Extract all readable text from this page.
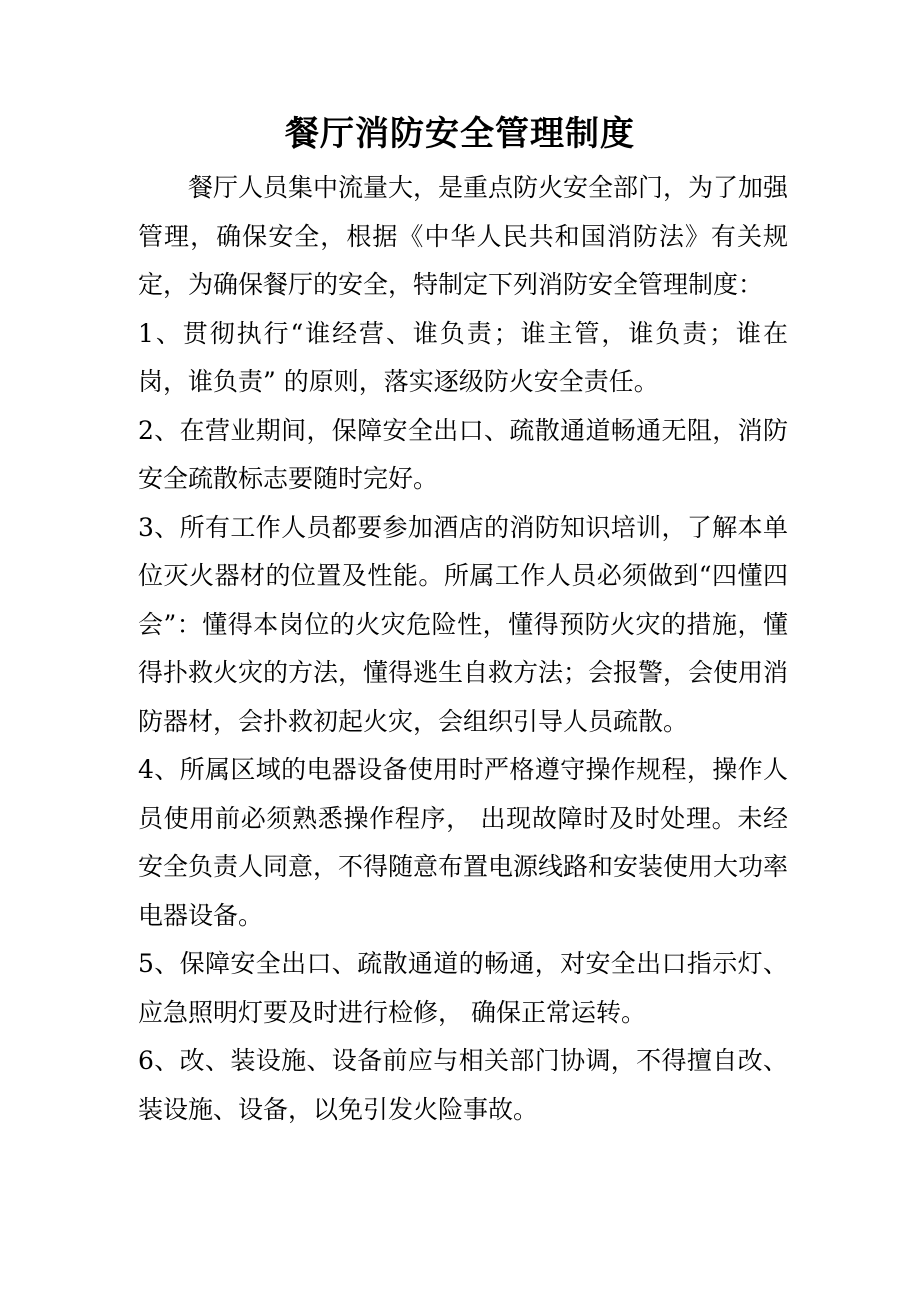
餐厅消防安全管理制度

餐厅人员集中流量大，是重点防火安全部门，为了加强管理，确保安全，根据《中华人民共和国消防法》有关规定，为确保餐厅的安全，特制定下列消防安全管理制度：

1、贯彻执行“谁经营、谁负责；谁主管，谁负责；谁在岗，谁负责” 的原则，落实逐级防火安全责任。

2、在营业期间，保障安全出口、疏散通道畅通无阻，消防安全疏散标志要随时完好。

3、所有工作人员都要参加酒店的消防知识培训，了解本单位灭火器材的位置及性能。所属工作人员必须做到“四懂四会”：懂得本岗位的火灾危险性，懂得预防火灾的措施，懂得扑救火灾的方法，懂得逃生自救方法；会报警，会使用消防器材，会扑救初起火灾，会组织引导人员疏散。

4、所属区域的电器设备使用时严格遵守操作规程，操作人员使用前必须熟悉操作程序， 出现故障时及时处理。未经安全负责人同意，不得随意布置电源线路和安装使用大功率电器设备。

5、保障安全出口、疏散通道的畅通，对安全出口指示灯、应急照明灯要及时进行检修， 确保正常运转。

6、改、装设施、设备前应与相关部门协调，不得擅自改、装设施、设备，以免引发火险事故。
